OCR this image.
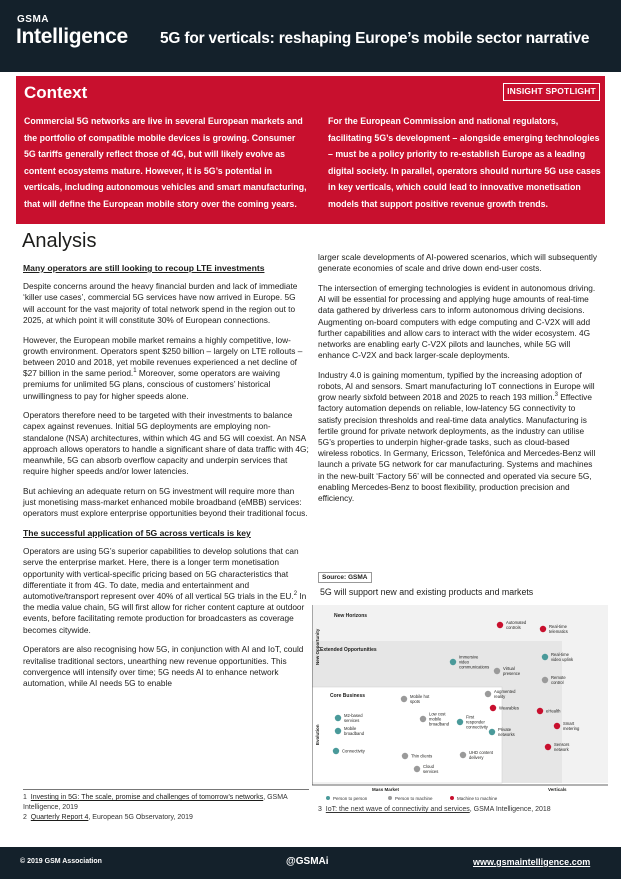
GSMA
Intelligence 5G for verticals: reshaping Europe’s mobile sector narrative
Context	INSIGHT SPOTLIGHT
Commercial 5G networks are live in several European markets and the portfolio of compatible mobile devices is growing. Consumer 5G tariffs generally reflect those of 4G, but will likely evolve as content ecosystems mature. However, it is 5G’s potential in verticals, including autonomous vehicles and smart manufacturing, that will define the European mobile story over the coming years.
For the European Commission and national regulators, facilitating 5G’s development – alongside emerging technologies – must be a policy priority to re-establish Europe as a leading digital society. In parallel, operators should nurture 5G use cases in key verticals, which could lead to innovative monetisation models that support positive revenue growth trends.
Analysis
Many operators are still looking to recoup LTE investments

Despite concerns around the heavy financial burden and lack of immediate ‘killer use cases’, commercial 5G services have now arrived in Europe. 5G will account for the vast majority of total network spend in the region out to 2025, at which point it will constitute 30% of European connections.

However, the European mobile market remains a highly competitive, low-growth environment. Operators spent $250 billion – largely on LTE rollouts – between 2010 and 2018, yet mobile revenues experienced a net decline of $27 billion in the same period.$^1$ Moreover, some operators are waiving premiums for unlimited 5G plans, conscious of customers’ historical unwillingness to pay for higher speeds alone.

Operators therefore need to be targeted with their investments to balance capex against revenues. Initial 5G deployments are employing non-standalone (NSA) architectures, within which 4G and 5G will coexist. An NSA approach allows operators to handle a significant share of data traffic with 4G; meanwhile, 5G can absorb overflow capacity and underpin services that require higher speeds and/or lower latencies.

But achieving an adequate return on 5G investment will require more than just monetising mass-market enhanced mobile broadband (eMBB) services: operators must explore enterprise opportunities beyond their traditional focus.

The successful application of 5G across verticals is key

Operators are using 5G’s superior capabilities to develop solutions that can serve the enterprise market. Here, there is a longer term monetisation opportunity with vertical-specific pricing based on 5G characteristics that differentiate it from 4G. To date, media and entertainment and automotive/transport represent over 40% of all vertical 5G trials in the EU.$^2$ In the media value chain, 5G will first allow for richer content capture at outdoor events, before facilitating remote production for broadcasters as coverage becomes citywide.

Operators are also recognising how 5G, in conjunction with AI and IoT, could revitalise traditional sectors, unearthing new revenue opportunities. This convergence will intensify over time; 5G needs AI to enhance network automation, while AI needs 5G to enable

larger scale developments of AI-powered scenarios, which will subsequently generate economies of scale and drive down end-user costs.

The intersection of emerging technologies is evident in autonomous driving. AI will be essential for processing and applying huge amounts of real-time data gathered by driverless cars to inform autonomous driving decisions. Augmenting on-board computers with edge computing and C-V2X will add further capabilities and allow cars to interact with the wider ecosystem. 4G networks are enabling early C-V2X pilots and launches, while 5G will enhance C-V2X and back larger-scale deployments.

Industry 4.0 is gaining momentum, typified by the increasing adoption of robots, AI and sensors. Smart manufacturing IoT connections in Europe will grow nearly sixfold between 2018 and 2025 to reach 193 million.$^3$ Effective factory automation depends on reliable, low-latency 5G connectivity to satisfy precision thresholds and real-time data analytics. Manufacturing is fertile ground for private network deployments, as the industry can utilise 5G’s properties to underpin higher-grade tasks, such as cloud-based wireless robotics. In Germany, Ericsson, Telefónica and Mercedes-Benz will launch a private 5G network for car manufacturing. Systems and machines in the new-built ‘Factory 56’ will be connected and operated via secure 5G, enabling Mercedes-Benz to boost flexibility, production precision and efficiency.

1 Investing in 5G: The scale, promise and challenges of tomorrow’s networks, GSMA Intelligence, 2019
2 Quarterly Report 4, European 5G Observatory, 2019
Source: GSMA
5G will support new and existing products and markets
New Horizons
Extended Opportunities
Core Business
New Opportunity
Evolution
Mass Market	Verticals
Automated controls	Real-time telematics
Immersive video communications	Virtual presence
Real-time video uplink
Remote control
Mobile hot spots
Augmented reality
eHealth
M2-based services
Wearables
Smart metering
Mobile broadband
Low cost mobile broadband
First responder connectivity Private networks
Sensors network
Connectivity
Thin clients
UHD content delivery
Cloud services
Person to person	Person to machine	Machine to machine
3 IoT: the next wave of connectivity and services, GSMA Intelligence, 2018
© 2019 GSM Association	@GSMAi	www.gsmaintelligence.com
